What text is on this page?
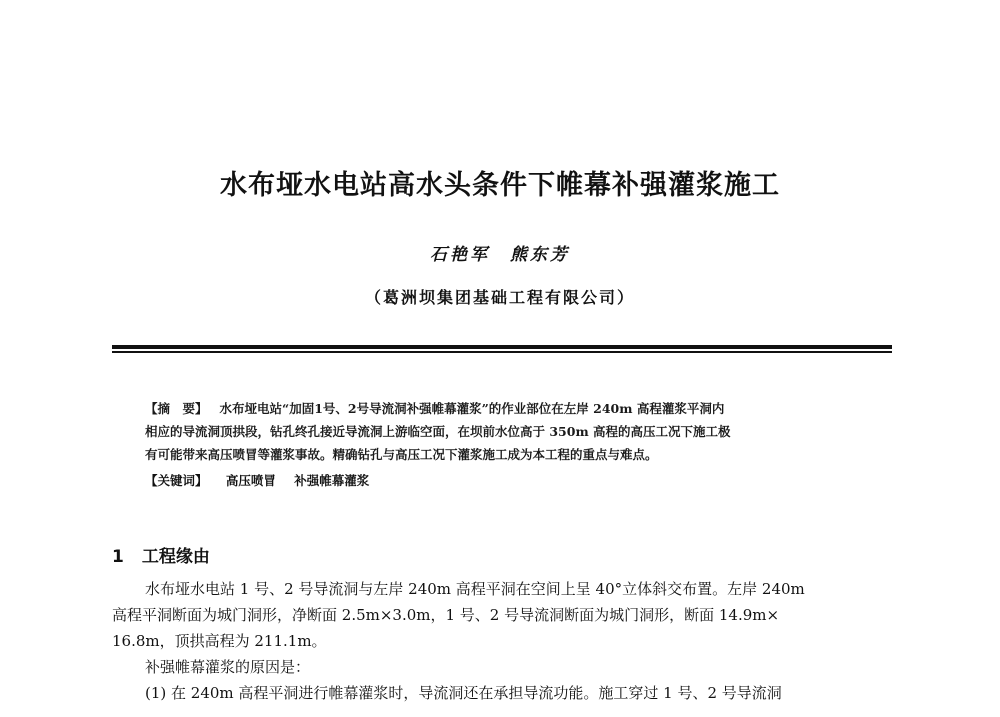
水布垭水电站高水头条件下帷幕补强灌浆施工
石艳军　熊东芳
（葛洲坝集团基础工程有限公司）
【摘　要】 水布垭电站“加固1号、2号导流洞补强帷幕灌浆”的作业部位在左岸 240m 高程灌浆平洞内
相应的导流洞顶拱段，钻孔终孔接近导流洞上游临空面，在坝前水位高于 350m 高程的高压工况下施工极
有可能带来高压喷冒等灌浆事故。精确钻孔与高压工况下灌浆施工成为本工程的重点与难点。
【关键词】 高压喷冒 补强帷幕灌浆
1 工程缘由
水布垭水电站 1 号、2 号导流洞与左岸 240m 高程平洞在空间上呈 40°立体斜交布置。左岸 240m
高程平洞断面为城门洞形，净断面 2.5m×3.0m，1 号、2 号导流洞断面为城门洞形，断面 14.9m×
16.8m，顶拱高程为 211.1m。
补强帷幕灌浆的原因是：
(1) 在 240m 高程平洞进行帷幕灌浆时，导流洞还在承担导流功能。施工穿过 1 号、2 号导流洞
